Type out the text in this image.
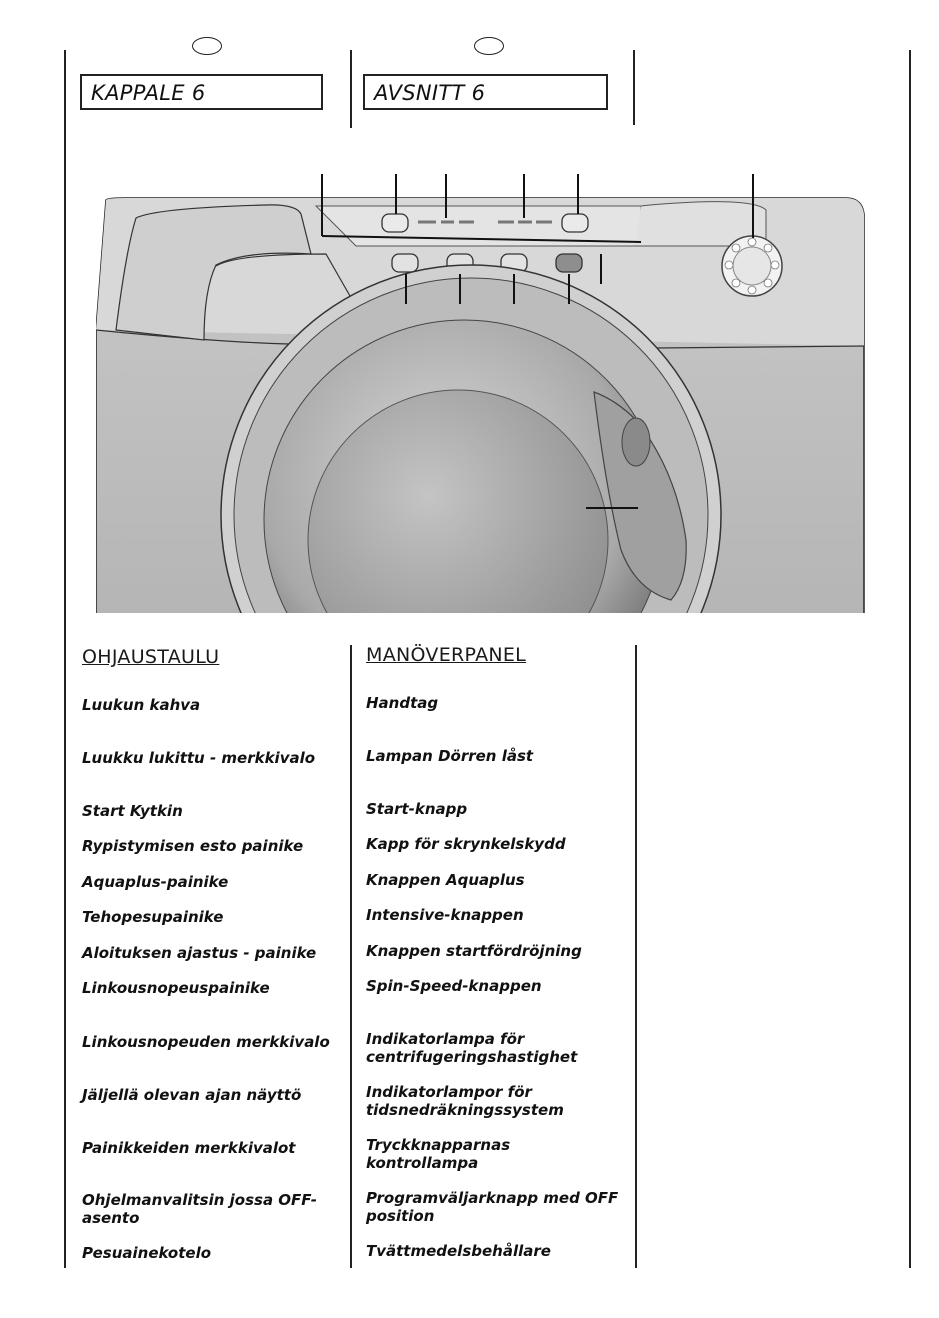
KAPPALE 6	AVSNITT 6
OHJAUSTAULU	MANÖVERPANEL
Luukun kahva
Luukku lukittu - merkkivalo
Start Kytkin
Rypistymisen esto painike
Aquaplus-painike
Tehopesupainike
Aloituksen ajastus - painike
Linkousnopeuspainike
Linkousnopeuden merkkivalo
Jäljellä olevan ajan näyttö
Painikkeiden merkkivalot
Ohjelmanvalitsin jossa OFF-
asento
Pesuainekotelo
Handtag
Lampan Dörren låst
Start-knapp
Kapp för skrynkelskydd
Knappen Aquaplus
Intensive-knappen
Knappen startfördröjning
Spin-Speed-knappen
Indikatorlampa för
centrifugeringshastighet
Indikatorlampor för
tidsnedräkningssystem
Tryckknapparnas
kontrollampa
Programväljarknapp med OFF
position
Tvättmedelsbehållare
